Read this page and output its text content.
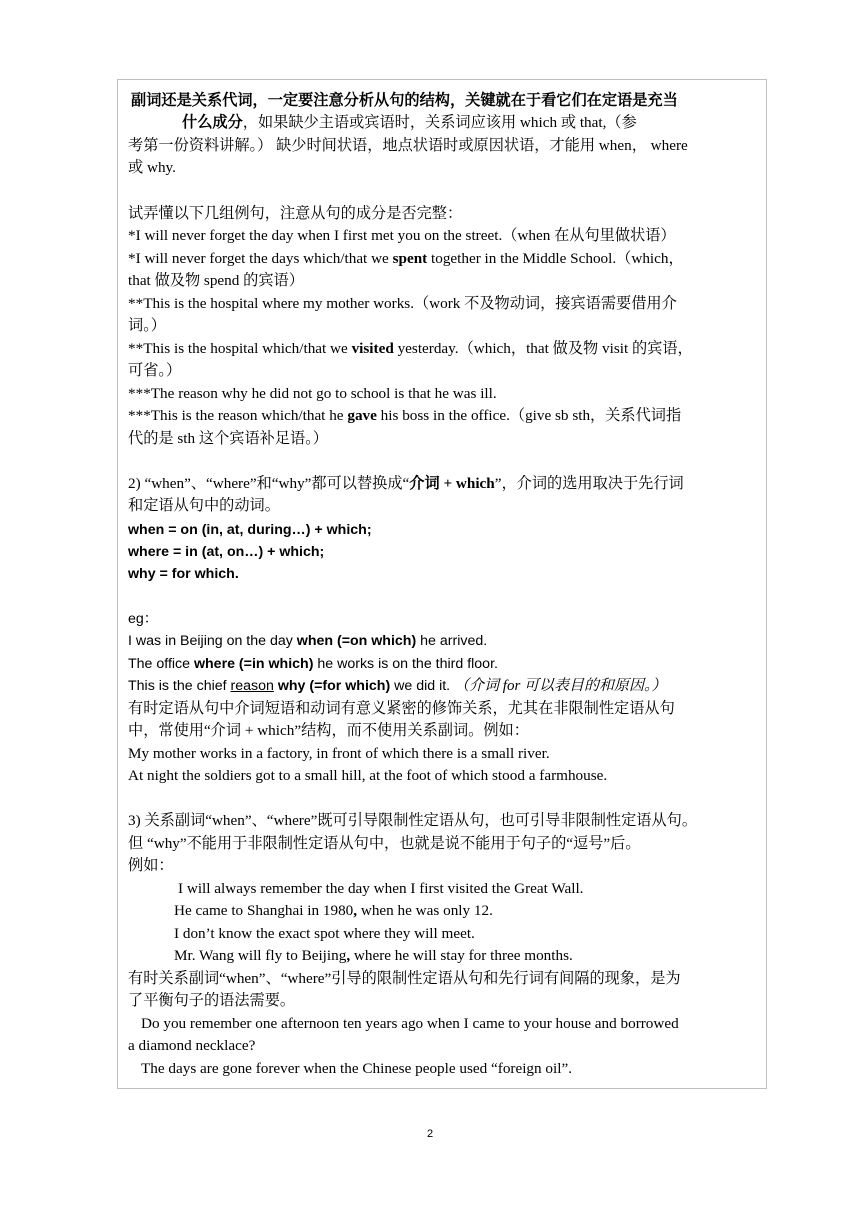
副词还是关系代词，一定要注意分析从句的结构，关键就在于看它们在定语是充当
什么成分，如果缺少主语或宾语时，关系词应该用 which 或 that,（参
考第一份资料讲解。） 缺少时间状语，地点状语时或原因状语，才能用 when， where
或 why.
试弄懂以下几组例句，注意从句的成分是否完整：
*I will never forget the day when I first met you on the street.（when 在从句里做状语）
*I will never forget the days which/that we spent together in the Middle School.（which，
that 做及物 spend 的宾语）
**This is the hospital where my mother works.（work 不及物动词，接宾语需要借用介
词。）
**This is the hospital which/that we visited yesterday.（which，that 做及物 visit 的宾语，
可省。）
***The reason why he did not go to school is that he was ill.
***This is the reason which/that he gave his boss in the office.（give sb sth，关系代词指
代的是 sth 这个宾语补足语。）
2) “when”、“where”和“why”都可以替换成“介词 + which”，介词的选用取决于先行词
和定语从句中的动词。
when = on (in, at, during…) + which;
where = in (at, on…) + which;
why = for which.
eg：
I was in Beijing on the day when (=on which) he arrived.
The office where (=in which) he works is on the third floor.
This is the chief reason why (=for which) we did it. （介词 for 可以表目的和原因。）
有时定语从句中介词短语和动词有意义紧密的修饰关系，尤其在非限制性定语从句
中，常使用“介词 + which”结构，而不使用关系副词。例如：
My mother works in a factory, in front of which there is a small river.
At night the soldiers got to a small hill, at the foot of which stood a farmhouse.
3) 关系副词“when”、“where”既可引导限制性定语从句，也可引导非限制性定语从句。
但 “why”不能用于非限制性定语从句中，也就是说不能用于句子的“逗号”后。
例如：
I will always remember the day when I first visited the Great Wall.
He came to Shanghai in 1980, when he was only 12.
I don’t know the exact spot where they will meet.
Mr. Wang will fly to Beijing, where he will stay for three months.
有时关系副词“when”、“where”引导的限制性定语从句和先行词有间隔的现象，是为
了平衡句子的语法需要。
Do you remember one afternoon ten years ago when I came to your house and borrowed
a diamond necklace?
The days are gone forever when the Chinese people used “foreign oil”.
2
